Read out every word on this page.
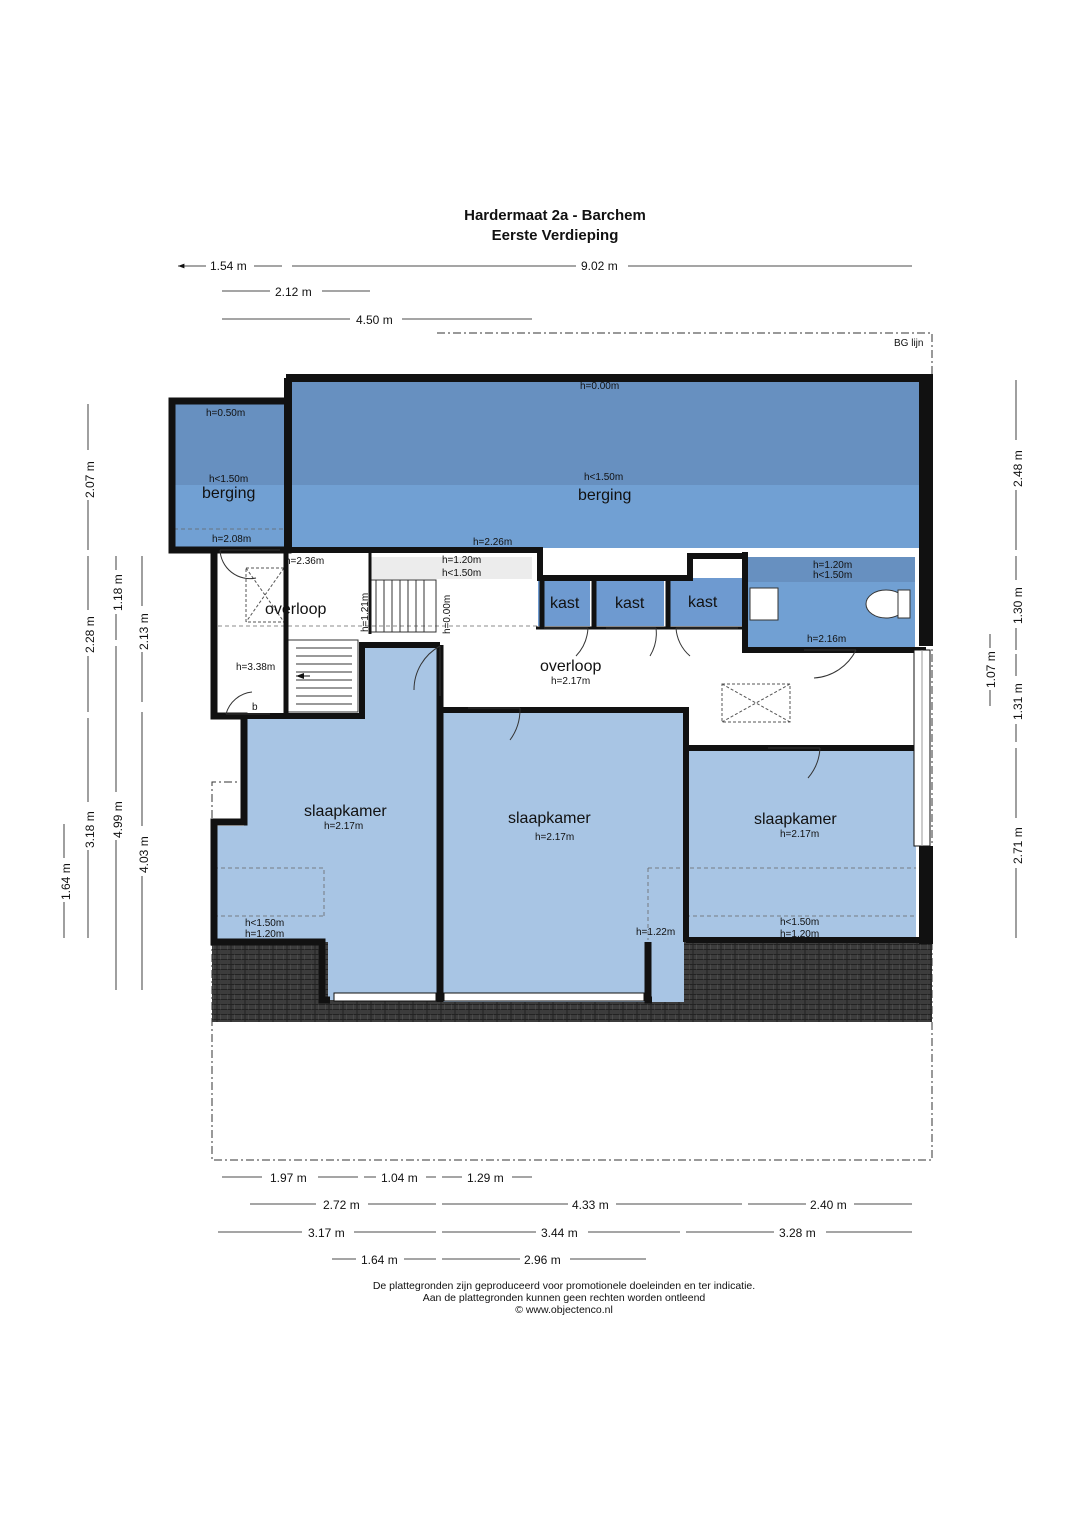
Hardermaat 2a - Barchem
Eerste Verdieping
BG lijn
h=0.50m
h<1.50m
berging
h=2.08m
h=0.00m
h<1.50m
berging
h=2.26m
h=2.36m
overloop
h=1.20m
h<1.50m
h=1.21m	h=0.00m
h=3.38m
b
kast kast	kast
h=1.20m
h<1.50m
h=2.16m
overloop
h=2.17m
slaapkamer
h=2.17m
h<1.50m
h=1.20m
slaapkamer
h=2.17m
h=1.22m
slaapkamer
h=2.17m
h<1.50m
h=1.20m
1.54 m	9.02 m
2.12 m
4.50 m
2.48 m
1.30 m
1.07 m
1.31 m
2.71 m
2.07 m
2.28 m
1.18 m
2.13 m
4.99 m
3.18 m
4.03 m
1.64 m
1.97 m	1.04 m	1.29 m
2.72 m	4.33 m	2.40 m
3.17 m	3.44 m	3.28 m
1.64 m	2.96 m
De plattegronden zijn geproduceerd voor promotionele doeleinden en ter indicatie.
Aan de plattegronden kunnen geen rechten worden ontleend
© www.objectenco.nl
